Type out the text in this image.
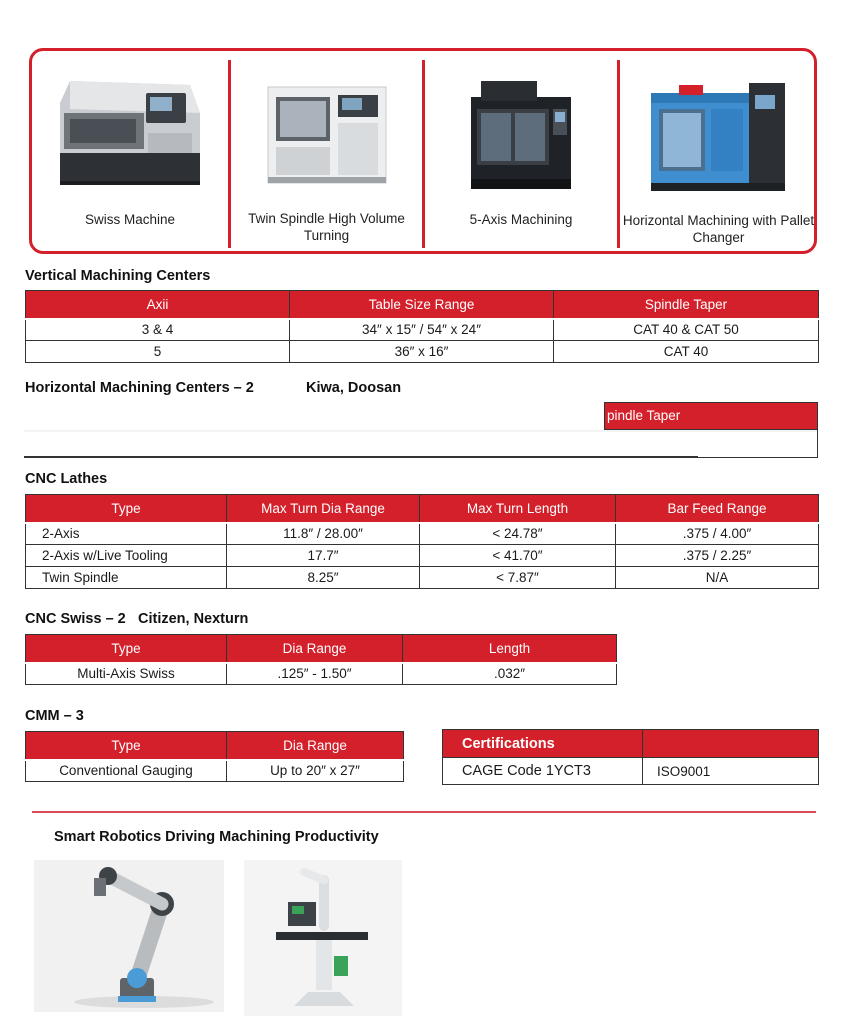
Swiss Machine	Twin Spindle High Volume Turning
5-Axis Machining	Horizontal Machining with Pallet Changer
Vertical Machining Centers
Axii	Table Size Range	Spindle Taper
3 & 4	34″ x 15″ / 54″ x 24″	CAT 40 & CAT 50
5	36″ x 16″	CAT 40
Horizontal Machining Centers – 2	Kiwa, Doosan
pindle Taper
CNC Lathes
Type	Max Turn Dia Range	Max Turn Length	Bar Feed Range
2-Axis	11.8″ / 28.00″	< 24.78″	.375 / 4.00″
2-Axis w/Live Tooling	17.7″	< 41.70″	.375 / 2.25″
Twin Spindle	8.25″	< 7.87″	N/A
CNC Swiss – 2 Citizen, Nexturn
Type	Dia Range	Length
Multi-Axis Swiss	.125″ - 1.50″	.032″
CMM – 3
Type	Dia Range
Conventional Gauging	Up to 20″ x 27″
Certifications	
CAGE Code 1YCT3	ISO9001
Smart Robotics Driving Machining Productivity
